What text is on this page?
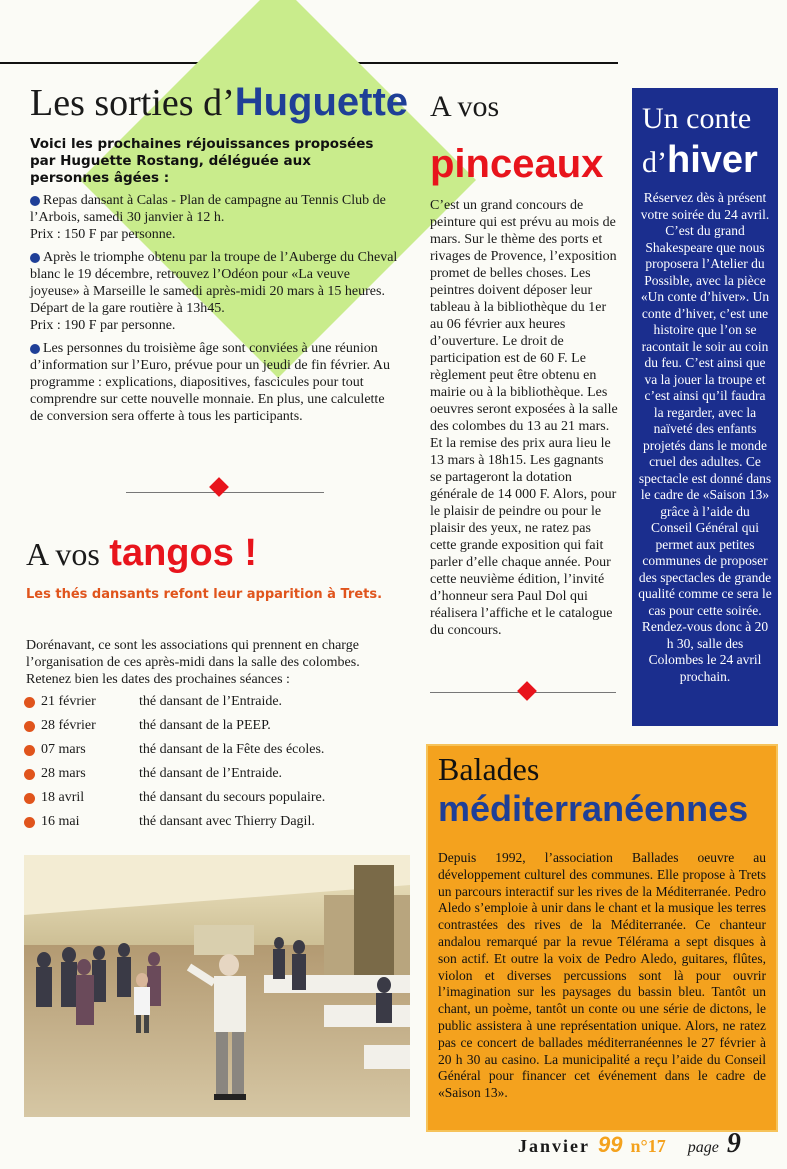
Les sorties d’Huguette
Voici les prochaines réjouissances proposées par Huguette Rostang, déléguée aux personnes âgées :

Repas dansant à Calas - Plan de campagne au Tennis Club de l’Arbois, samedi 30 janvier à 12 h.

Prix : 150 F par personne.

Après le triomphe obtenu par la troupe de l’Auberge du Cheval blanc le 19 décembre, retrouvez l’Odéon pour «La veuve joyeuse» à Marseille le samedi après-midi 20 mars à 15 heures.

Départ de la gare routière à 13h45.

Prix : 190 F par personne.

Les personnes du troisième âge sont conviées à une réunion d’information sur l’Euro, prévue pour un jeudi de fin février. Au programme : explications, diapositives, fascicules pour tout comprendre sur cette nouvelle monnaie. En plus, une calculette de conversion sera offerte à tous les participants.

A vos tangos !
Les thés dansants refont leur apparition à Trets.
Dorénavant, ce sont les associations qui prennent en charge l’organisation de ces après-midi dans la salle des colombes. Retenez bien les dates des prochaines séances :
21 février	thé dansant de l’Entraide.
28 février	thé dansant de la PEEP.
07 mars	thé dansant de la Fête des écoles.
28 mars	thé dansant de l’Entraide.
18 avril	thé dansant du secours populaire.
16 mai	thé dansant avec Thierry Dagil.
A vos
pinceaux
C’est un grand concours de peinture qui est prévu au mois de mars. Sur le thème des ports et rivages de Provence, l’exposition promet de belles choses. Les peintres doivent déposer leur tableau à la bibliothèque du 1er au 06 février aux heures d’ouverture. Le droit de participation est de 60 F. Le règlement peut être obtenu en mairie ou à la bibliothèque. Les oeuvres seront exposées à la salle des colombes du 13 au 21 mars. Et la remise des prix aura lieu le 13 mars à 18h15. Les gagnants se partageront la dotation générale de 14 000 F. Alors, pour le plaisir de peindre ou pour le plaisir des yeux, ne ratez pas cette grande exposition qui fait parler d’elle chaque année. Pour cette neuvième édition, l’invité d’honneur sera Paul Dol qui réalisera l’affiche et le catalogue du concours.
Un conte
d’hiver
Réservez dès à présent votre soirée du 24 avril. C’est du grand Shakespeare que nous proposera l’Atelier du Possible, avec la pièce «Un conte d’hiver». Un conte d’hiver, c’est une histoire que l’on se racontait le soir au coin du feu. C’est ainsi que va la jouer la troupe et c’est ainsi qu’il faudra la regarder, avec la naïveté des enfants projetés dans le monde cruel des adultes. Ce spectacle est donné dans le cadre de «Saison 13» grâce à l’aide du Conseil Général qui permet aux petites communes de proposer des spectacles de grande qualité comme ce sera le cas pour cette soirée. Rendez-vous donc à 20 h 30, salle des Colombes le 24 avril prochain.
Balades
méditerranéennes
Depuis 1992, l’association Ballades oeuvre au développement culturel des communes. Elle propose à Trets un parcours interactif sur les rives de la Méditerranée. Pedro Aledo s’emploie à unir dans le chant et la musique les terres contrastées des rives de la Méditerranée. Ce chanteur andalou remarqué par la revue Télérama a sept disques à son actif. Et outre la voix de Pedro Aledo, guitares, flûtes, violon et diverses percussions sont là pour ouvrir l’imagination sur les paysages du bassin bleu. Tantôt un chant, un poème, tantôt un conte ou une série de dictons, le public assistera à une représentation unique. Alors, ne ratez pas ce concert de ballades méditerranéennes le 27 février à 20 h 30 au casino. La municipalité a reçu l’aide du Conseil Général pour financer cet événement dans le cadre de «Saison 13».
Janvier 99 n°17 page 9
